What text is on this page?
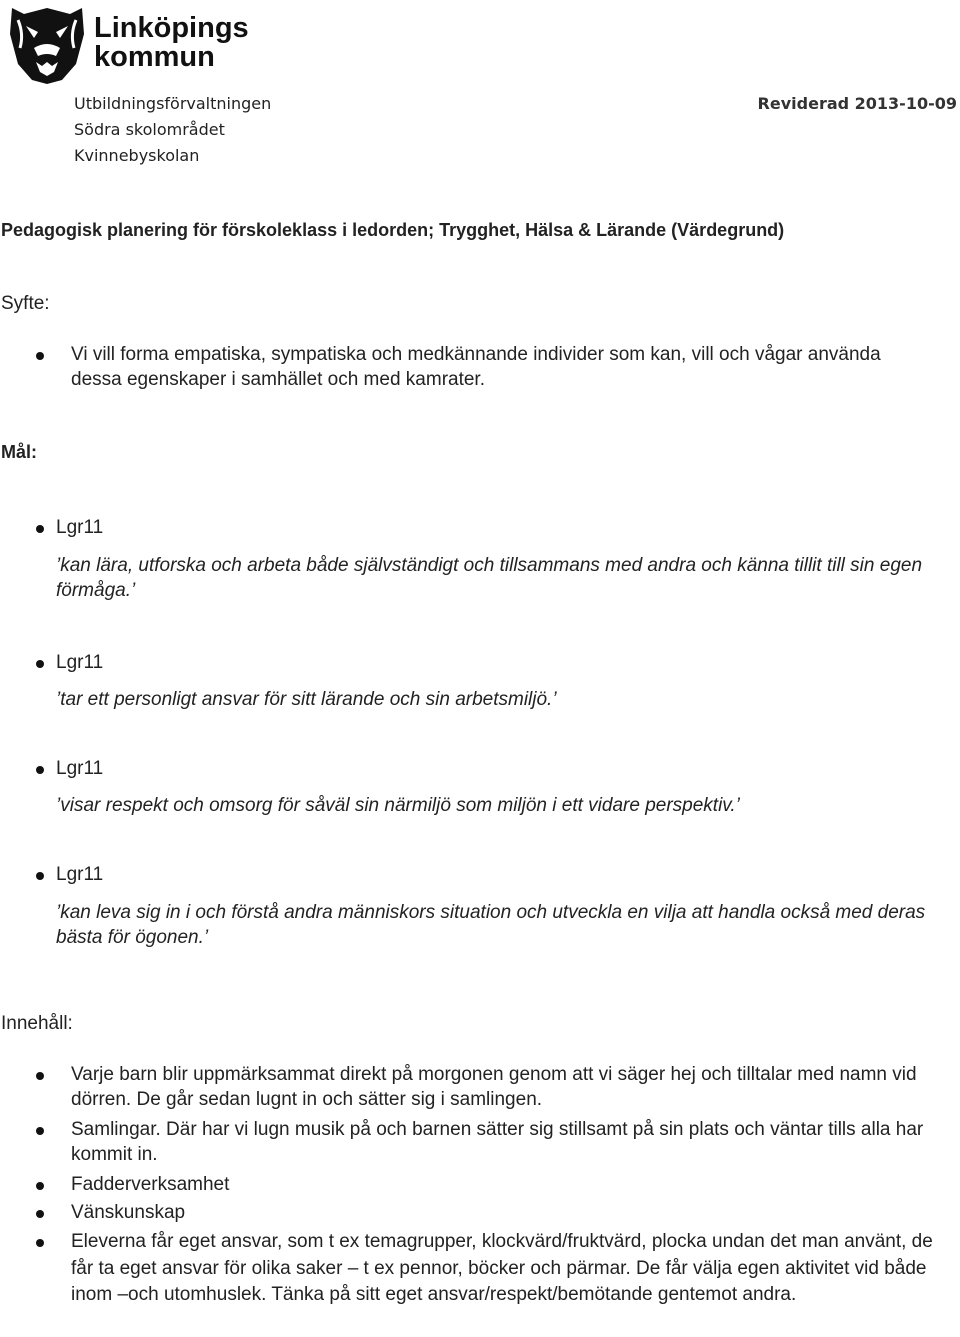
Linköpings
kommun
Utbildningsförvaltningen
Södra skolområdet
Kvinnebyskolan
Reviderad 2013-10-09
Pedagogisk planering för förskoleklass i ledorden; Trygghet, Hälsa & Lärande (Värdegrund)
Syfte:
Vi vill forma empatiska, sympatiska och medkännande individer som kan, vill och vågar använda dessa egenskaper i samhället och med kamrater.
Mål:
Lgr11
’kan lära, utforska och arbeta både självständigt och tillsammans med andra och känna tillit till sin egen förmåga.’
Lgr11
’tar ett personligt ansvar för sitt lärande och sin arbetsmiljö.’
Lgr11
’visar respekt och omsorg för såväl sin närmiljö som miljön i ett vidare perspektiv.’
Lgr11
’kan leva sig in i och förstå andra människors situation och utveckla en vilja att handla också med deras bästa för ögonen.’
Innehåll:
Varje barn blir uppmärksammat direkt på morgonen genom att vi säger hej och tilltalar med namn vid dörren. De går sedan lugnt in och sätter sig i samlingen.
Samlingar. Där har vi lugn musik på och barnen sätter sig stillsamt på sin plats och väntar tills alla har kommit in.
Fadderverksamhet
Vänskunskap
Eleverna får eget ansvar, som t ex temagrupper, klockvärd/fruktvärd, plocka undan det man använt, de får ta eget ansvar för olika saker – t ex pennor, böcker och pärmar. De får välja egen aktivitet vid både inom –och utomhuslek. Tänka på sitt eget ansvar/respekt/bemötande gentemot andra.
